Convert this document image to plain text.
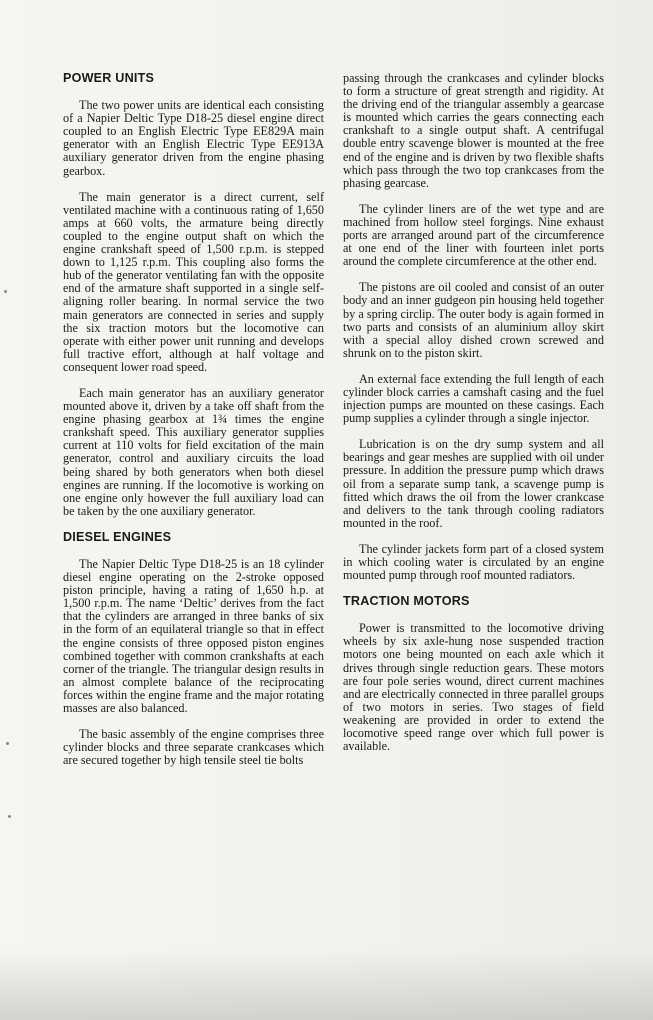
POWER UNITS

The two power units are identical each consisting of a Napier Deltic Type D18-25 diesel engine direct coupled to an English Electric Type EE829A main generator with an English Electric Type EE913A auxiliary generator driven from the engine phasing gearbox.

The main generator is a direct current, self ventilated machine with a continuous rating of 1,650 amps at 660 volts, the armature being directly coupled to the engine output shaft on which the engine crankshaft speed of 1,500 r.p.m. is stepped down to 1,125 r.p.m. This coupling also forms the hub of the generator ventilating fan with the opposite end of the armature shaft supported in a single self-aligning roller bearing. In normal service the two main generators are connected in series and supply the six traction motors but the locomotive can operate with either power unit running and develops full tractive effort, although at half voltage and consequent lower road speed.

Each main generator has an auxiliary generator mounted above it, driven by a take off shaft from the engine phasing gearbox at 1¾ times the engine crankshaft speed. This auxiliary generator supplies current at 110 volts for field excitation of the main generator, control and auxiliary circuits the load being shared by both generators when both diesel engines are running. If the locomotive is working on one engine only however the full auxiliary load can be taken by the one auxiliary generator.

DIESEL ENGINES

The Napier Deltic Type D18-25 is an 18 cylinder diesel engine operating on the 2-stroke opposed piston principle, having a rating of 1,650 h.p. at 1,500 r.p.m. The name ‘Deltic’ derives from the fact that the cylinders are arranged in three banks of six in the form of an equilateral triangle so that in effect the engine consists of three opposed piston engines combined together with common crankshafts at each corner of the triangle. The triangular design results in an almost complete balance of the reciprocating forces within the engine frame and the major rotating masses are also balanced.

The basic assembly of the engine comprises three cylinder blocks and three separate crankcases which are secured together by high tensile steel tie bolts

passing through the crankcases and cylinder blocks to form a structure of great strength and rigidity. At the driving end of the triangular assembly a gearcase is mounted which carries the gears connecting each crankshaft to a single output shaft. A centrifugal double entry scavenge blower is mounted at the free end of the engine and is driven by two flexible shafts which pass through the two top crankcases from the phasing gearcase.

The cylinder liners are of the wet type and are machined from hollow steel forgings. Nine exhaust ports are arranged around part of the circumference at one end of the liner with fourteen inlet ports around the complete circumference at the other end.

The pistons are oil cooled and consist of an outer body and an inner gudgeon pin housing held together by a spring circlip. The outer body is again formed in two parts and consists of an aluminium alloy skirt with a special alloy dished crown screwed and shrunk on to the piston skirt.

An external face extending the full length of each cylinder block carries a camshaft casing and the fuel injection pumps are mounted on these casings. Each pump supplies a cylinder through a single injector.

Lubrication is on the dry sump system and all bearings and gear meshes are supplied with oil under pressure. In addition the pressure pump which draws oil from a separate sump tank, a scavenge pump is fitted which draws the oil from the lower crankcase and delivers to the tank through cooling radiators mounted in the roof.

The cylinder jackets form part of a closed system in which cooling water is circulated by an engine mounted pump through roof mounted radiators.

TRACTION MOTORS

Power is transmitted to the locomotive driving wheels by six axle-hung nose suspended traction motors one being mounted on each axle which it drives through single reduction gears. These motors are four pole series wound, direct current machines and are electrically connected in three parallel groups of two motors in series. Two stages of field weakening are provided in order to extend the locomotive speed range over which full power is available.
